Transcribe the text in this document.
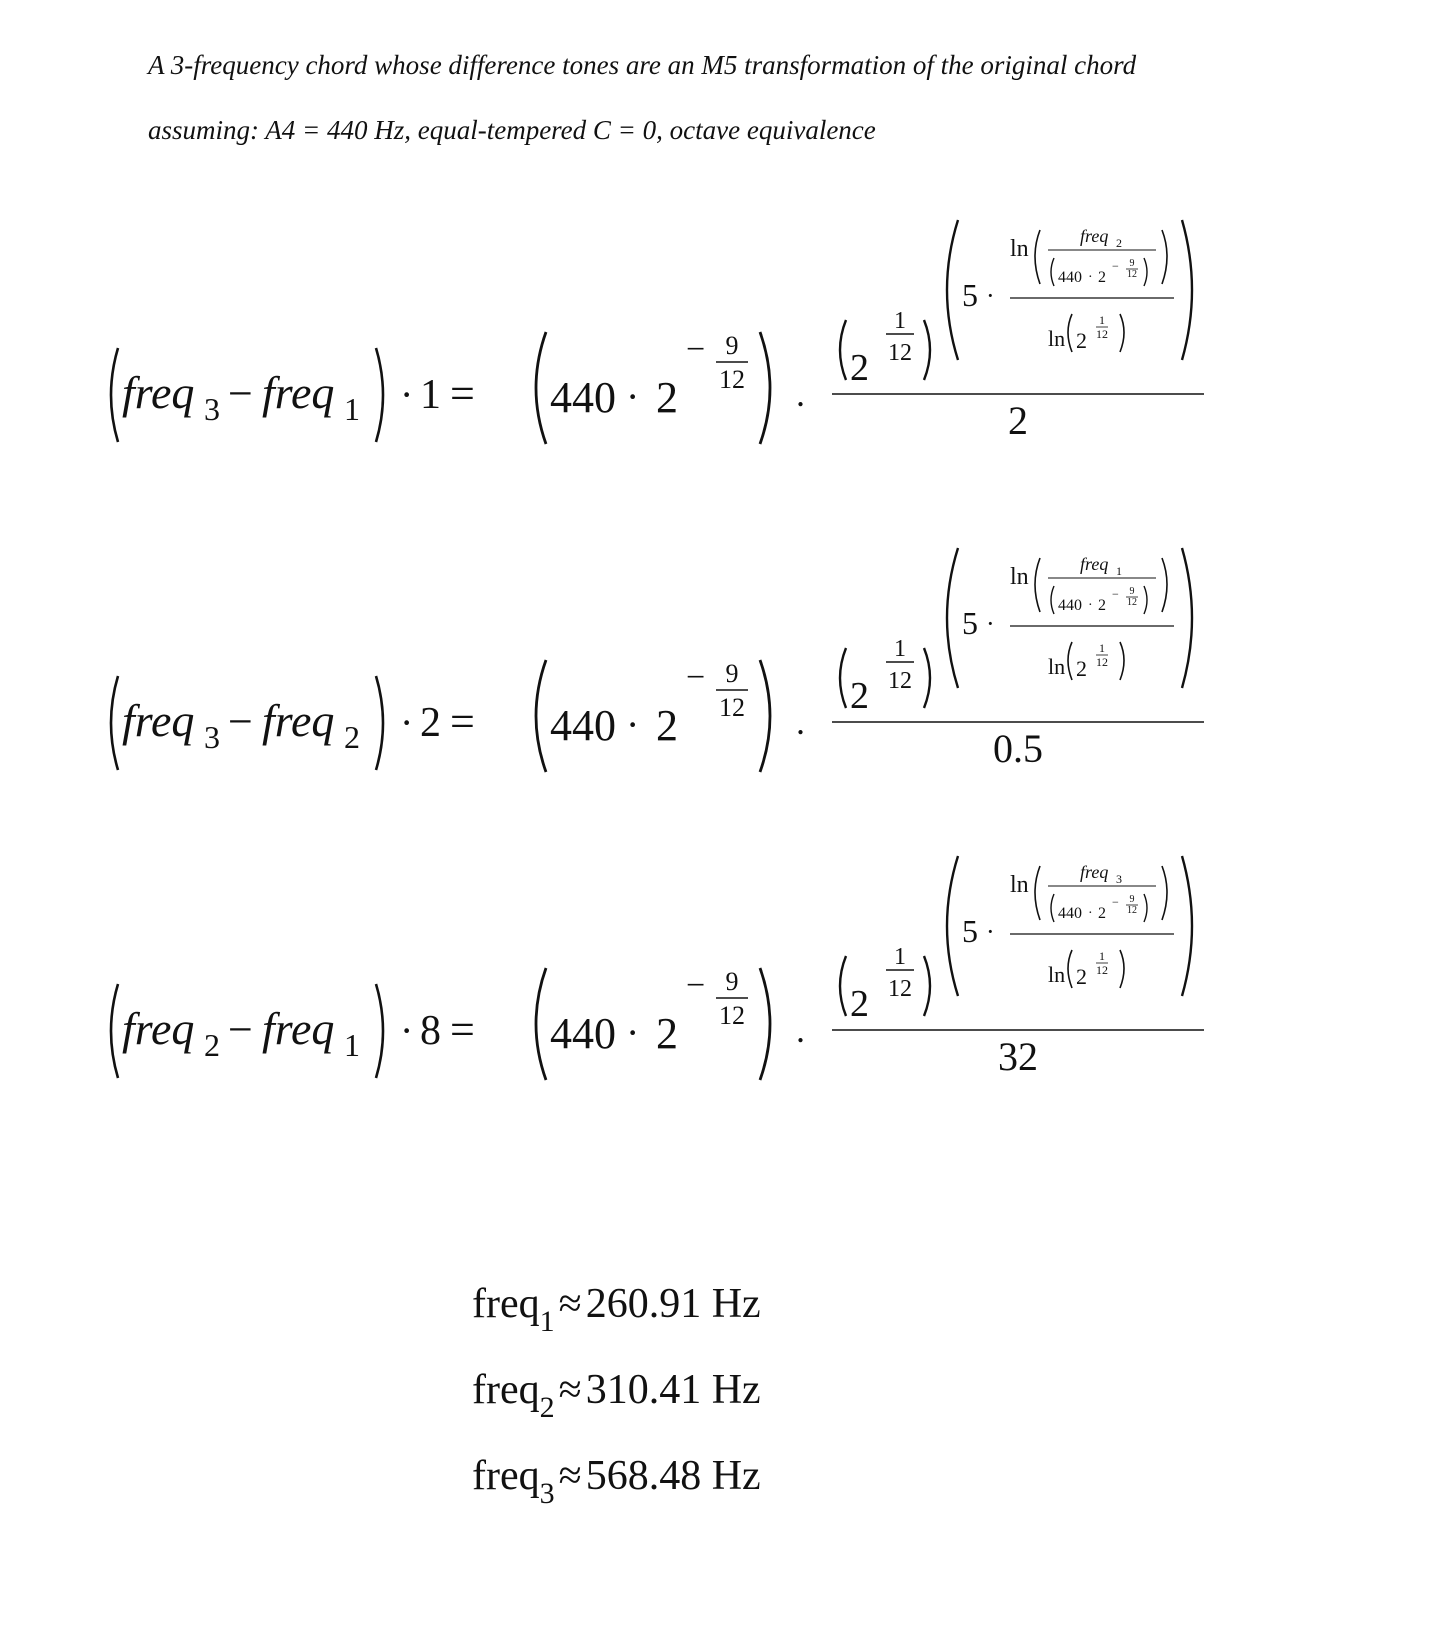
A 3-frequency chord whose difference tones are an M5 transformation of the original chord
assuming: A4 = 440 Hz, equal-tempered C = 0, octave equivalence
freq 3 − freq 1 · 1 = 440 · 2
− 9
12 .
2
2
1
12
5 ·
ln	freq 2
440 · 2
− 9
12
ln 2
1
12
freq 3 − freq 2 · 2 = 440 · 2
− 9
12 .
0.5
2
1
12
5 ·
ln	freq 1
440 · 2
− 9
12
ln 2
1
12
freq 2 − freq 1 · 8 = 440 · 2
− 9
12 .
32
2
1
12
5 ·
ln	freq 3
440 · 2
− 9
12
ln 2
1
12
freq$_1$≈260.91 Hz
freq$_2$≈310.41 Hz
freq$_3$≈568.48 Hz
